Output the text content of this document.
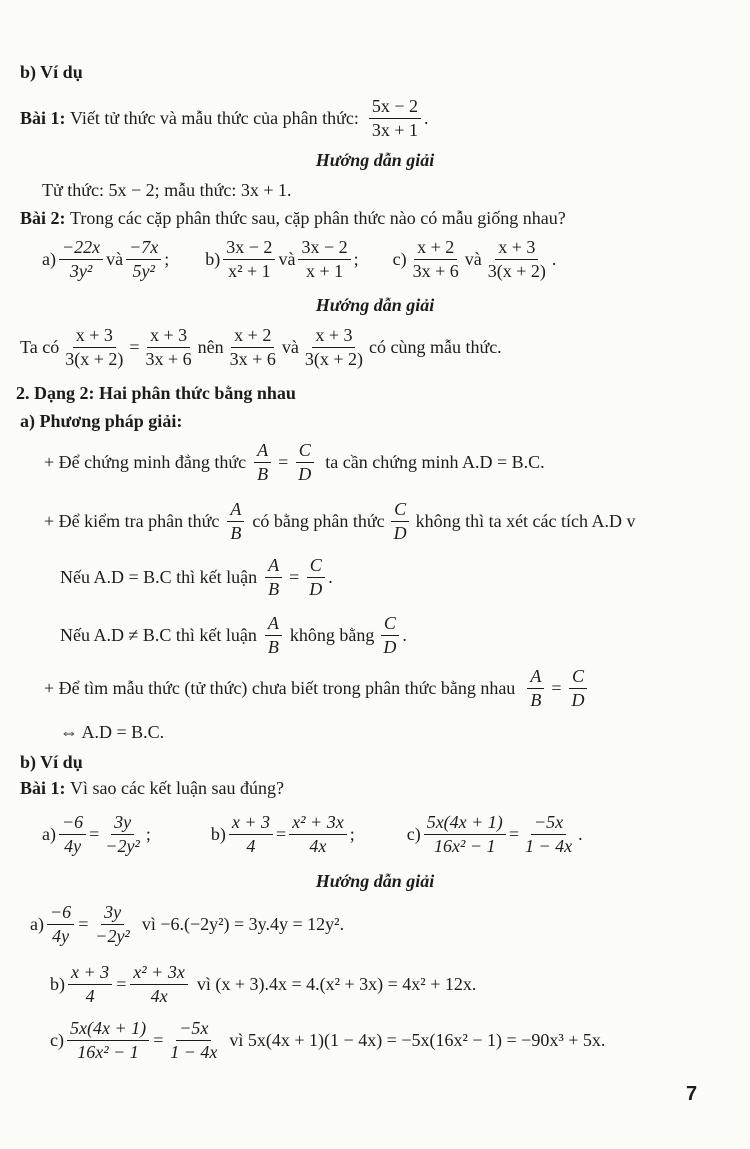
b) Ví dụ
Bài 1:
Viết tử thức và mẫu thức của phân thức: $\frac{5x - 2}{3x + 1}$ .
Hướng dẫn giải
Tử thức: 5x − 2; mẫu thức: 3x + 1.
Bài 2:
Trong các cặp phân thức sau, cặp phân thức nào có mẫu giống nhau?
$a) \frac{-22x}{\text{3y²}}$ và $\frac{-7x}{\text{5y²}}$ ; $b) \frac{3x - 2}{\text{x² + 1}}$ và $\frac{3x - 2}{x + 1}$ ; $c) \frac{x + 2}{3x + 6}$ và $\frac{x + 3}{3(x + 2)}$ .
Hướng dẫn giải
Ta có $\frac{x + 3}{3(x + 2)} = \frac{x + 3}{3x + 6}$ nên $\frac{x + 2}{3x + 6}$ và $\frac{x + 3}{3(x + 2)}$ có cùng mẫu thức.
2. Dạng 2: Hai phân thức bằng nhau
a) Phương pháp giải:
+ Để chứng minh đẳng thức $\frac{A}{B} = \frac{C}{D}$ ta cần chứng minh A.D = B.C.
+ Để kiểm tra phân thức $\frac{A}{B}$ có bằng phân thức $\frac{C}{D}$ không thì ta xét các tích A.D v
Nếu A.D = B.C thì kết luận $\frac{A}{B} = \frac{C}{D}$ .
Nếu A.D ≠ B.C thì kết luận $\frac{A}{B}$ không bằng $\frac{C}{D}$ .
+ Để tìm mẫu thức (tử thức) chưa biết trong phân thức bằng nhau $\frac{A}{B} = \frac{C}{D}$
⇔ A.D = B.C.
b) Ví dụ
Bài 1:
Vì sao các kết luận sau đúng?
$a) \frac{-6}{4y} = \frac{3y}{\text{−2y²}}$ ;	$b) \frac{x + 3}{4} = \frac{\text{x² + 3x}}{4x}$ ;	$c) \frac{5x(4x + 1)}{\text{16x² − 1}} = \frac{-5x}{1 - 4x}$ .
Hướng dẫn giải
$a) \frac{-6}{4y} = \frac{3y}{\text{−2y²}}$ vì −6.(−2y²) = 3y.4y = 12y².
$b) \frac{x + 3}{4} = \frac{\text{x² + 3x}}{4x}$ vì (x + 3).4x = 4.(x² + 3x) = 4x² + 12x.
$c) \frac{5x(4x + 1)}{\text{16x² − 1}} = \frac{-5x}{1 - 4x}$ vì 5x(4x + 1)(1 − 4x) = −5x(16x² − 1) = −90x³ + 5x.
7
